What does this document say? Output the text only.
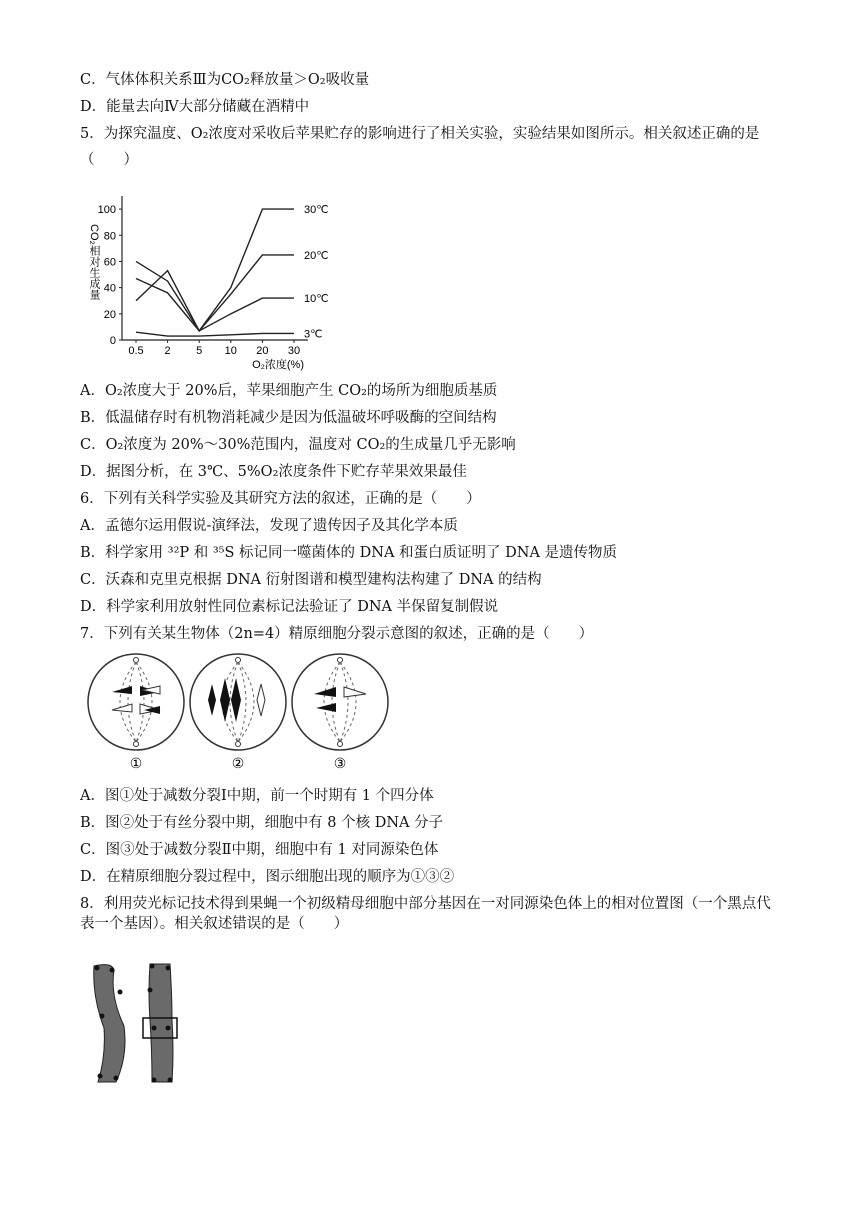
C．气体体积关系Ⅲ为CO₂释放量＞O₂吸收量
D．能量去向Ⅳ大部分储藏在酒精中
5．为探究温度、O₂浓度对采收后苹果贮存的影响进行了相关实验，实验结果如图所示。相关叙述正确的是
（　　）
0
20
40
60
80
100
0.5 2 5 10 20 30
O₂浓度(%)
CO₂相对生成量
30℃
20℃
10℃
3℃
A．O₂浓度大于 20%后，苹果细胞产生 CO₂的场所为细胞质基质
B．低温储存时有机物消耗减少是因为低温破坏呼吸酶的空间结构
C．O₂浓度为 20%～30%范围内，温度对 CO₂的生成量几乎无影响
D．据图分析，在 3℃、5%O₂浓度条件下贮存苹果效果最佳
6．下列有关科学实验及其研究方法的叙述，正确的是（　　）
A．孟德尔运用假说-演绎法，发现了遗传因子及其化学本质
B．科学家用 ³²P 和 ³⁵S 标记同一噬菌体的 DNA 和蛋白质证明了 DNA 是遗传物质
C．沃森和克里克根据 DNA 衍射图谱和模型建构法构建了 DNA 的结构
D．科学家利用放射性同位素标记法验证了 DNA 半保留复制假说
7．下列有关某生物体（2n=4）精原细胞分裂示意图的叙述，正确的是（　　）
①	②	③
A．图①处于减数分裂Ⅰ中期，前一个时期有 1 个四分体
B．图②处于有丝分裂中期，细胞中有 8 个核 DNA 分子
C．图③处于减数分裂Ⅱ中期，细胞中有 1 对同源染色体
D．在精原细胞分裂过程中，图示细胞出现的顺序为①③②
8．利用荧光标记技术得到果蝇一个初级精母细胞中部分基因在一对同源染色体上的相对位置图（一个黑点代表一个基因）。相关叙述错误的是（　　）
